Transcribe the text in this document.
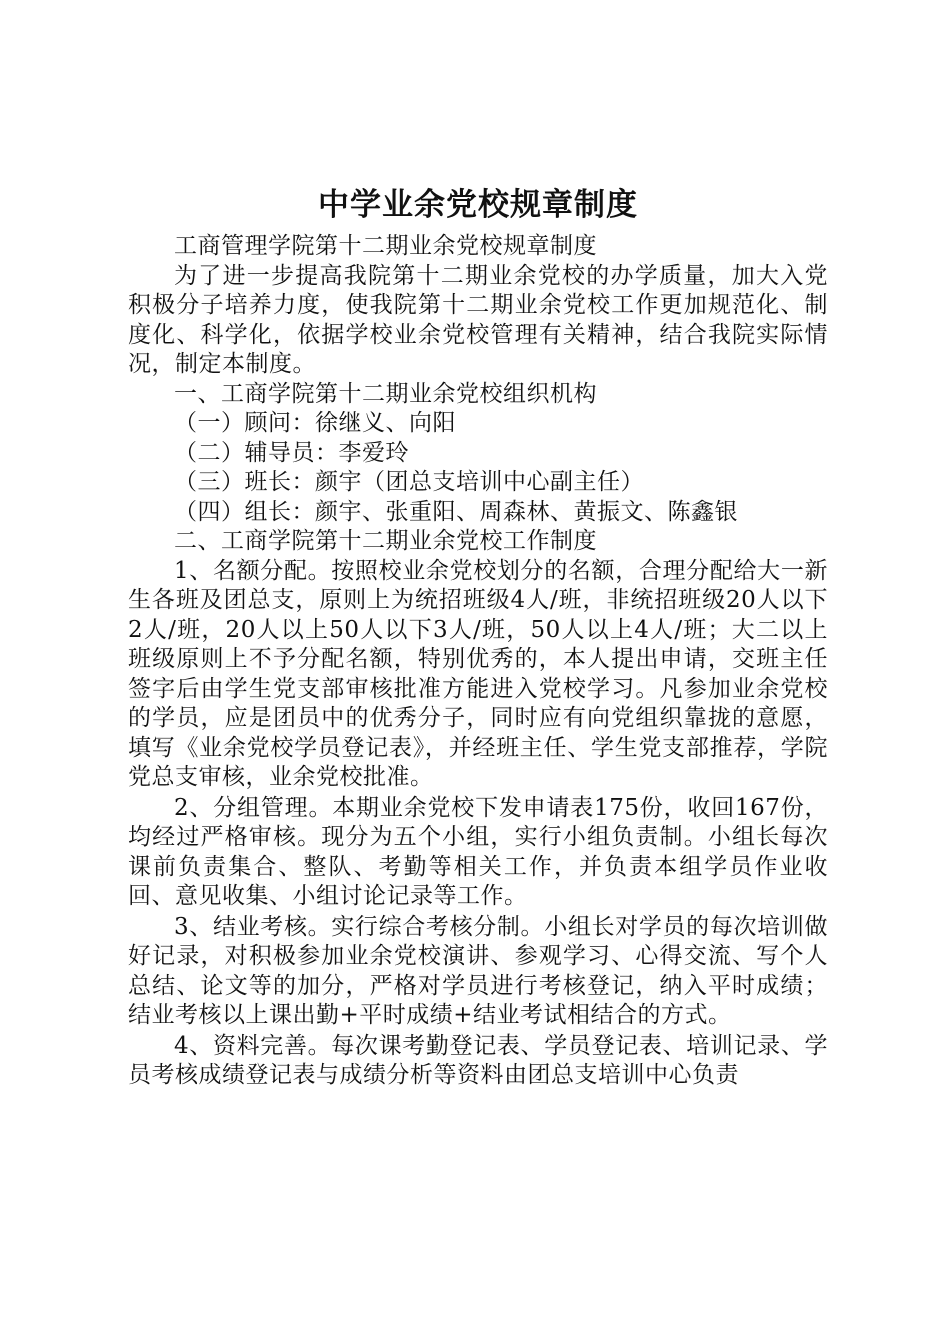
中学业余党校规章制度

工商管理学院第十二期业余党校规章制度

为了进一步提高我院第十二期业余党校的办学质量，加大入党积极分子培养力度，使我院第十二期业余党校工作更加规范化、制度化、科学化，依据学校业余党校管理有关精神，结合我院实际情况，制定本制度。

一、工商学院第十二期业余党校组织机构

（一）顾问：徐继义、向阳

（二）辅导员：李爱玲

（三）班长：颜宇（团总支培训中心副主任）

（四）组长：颜宇、张重阳、周森林、黄振文、陈鑫银

二、工商学院第十二期业余党校工作制度

1、名额分配。按照校业余党校划分的名额，合理分配给大一新生各班及团总支，原则上为统招班级4人/班，非统招班级20人以下2人/班，20人以上50人以下3人/班，50人以上4人/班；大二以上班级原则上不予分配名额，特别优秀的，本人提出申请，交班主任签字后由学生党支部审核批准方能进入党校学习。凡参加业余党校的学员，应是团员中的优秀分子，同时应有向党组织靠拢的意愿，填写《业余党校学员登记表》，并经班主任、学生党支部推荐，学院党总支审核，业余党校批准。

2、分组管理。本期业余党校下发申请表175份，收回167份，均经过严格审核。现分为五个小组，实行小组负责制。小组长每次课前负责集合、整队、考勤等相关工作，并负责本组学员作业收回、意见收集、小组讨论记录等工作。

3、结业考核。实行综合考核分制。小组长对学员的每次培训做好记录，对积极参加业余党校演讲、参观学习、心得交流、写个人总结、论文等的加分，严格对学员进行考核登记，纳入平时成绩；结业考核以上课出勤+平时成绩+结业考试相结合的方式。

4、资料完善。每次课考勤登记表、学员登记表、培训记录、学员考核成绩登记表与成绩分析等资料由团总支培训中心负责
